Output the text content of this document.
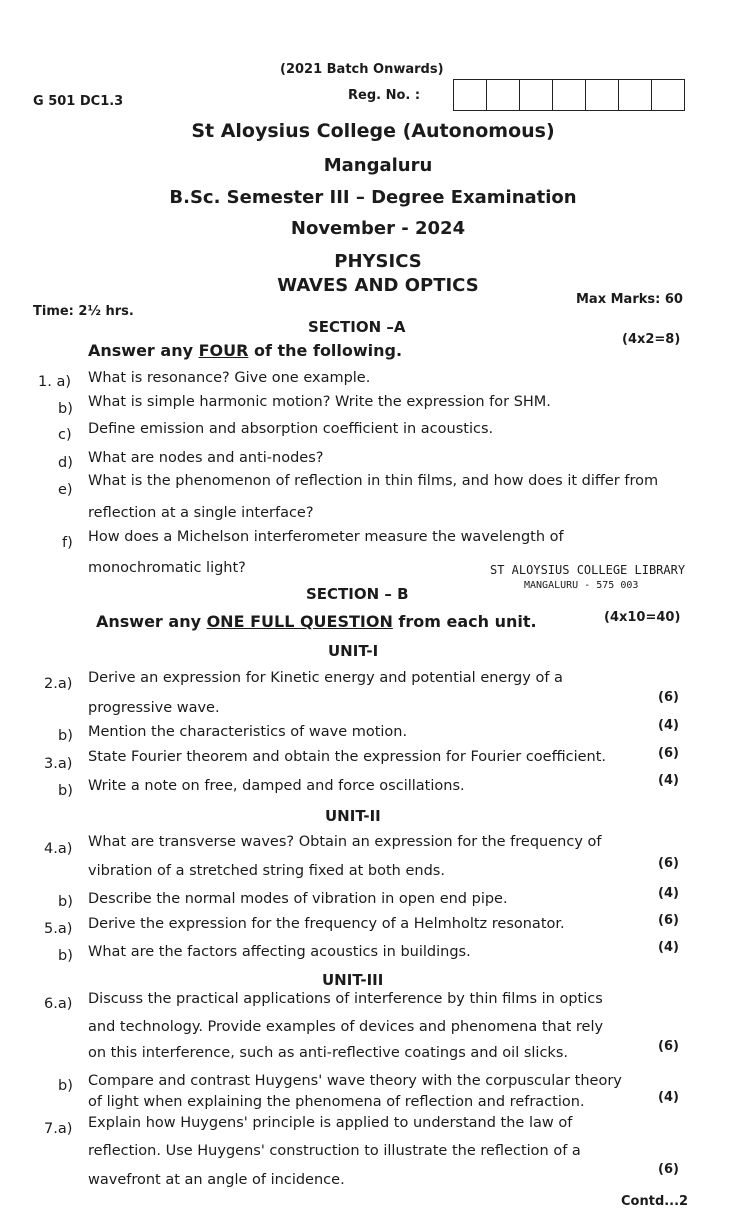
(2021 Batch Onwards)
G 501 DC1.3	Reg. No. :
St Aloysius College (Autonomous)
Mangaluru
B.Sc. Semester III – Degree Examination
November - 2024
PHYSICS
WAVES AND OPTICS
Time: 2½ hrs.
Max Marks: 60
SECTION –A
Answer any FOUR of the following.
(4x2=8)
1. a) What is resonance? Give one example.
b) What is simple harmonic motion? Write the expression for SHM.
c) Define emission and absorption coefficient in acoustics.
d) What are nodes and anti-nodes?
e)
What is the phenomenon of reflection in thin films, and how does it differ from
reflection at a single interface?
f) How does a Michelson interferometer measure the wavelength of
monochromatic light?	ST ALOYSIUS COLLEGE LIBRARY
MANGALURU - 575 003
SECTION – B
Answer any ONE FULL QUESTION from each unit.	(4x10=40)
UNIT-I
2.a) Derive an expression for Kinetic energy and potential energy of a
progressive wave.
(6)
b) Mention the characteristics of wave motion.	(4)
3.a) State Fourier theorem and obtain the expression for Fourier coefficient.	(6)
b) Write a note on free, damped and force oscillations.	(4)
UNIT-II
4.a) What are transverse waves? Obtain an expression for the frequency of
vibration of a stretched string fixed at both ends.	(6)
b) Describe the normal modes of vibration in open end pipe.	(4)
5.a) Derive the expression for the frequency of a Helmholtz resonator.	(6)
b) What are the factors affecting acoustics in buildings.	(4)
UNIT-III
6.a) Discuss the practical applications of interference by thin films in optics
and technology. Provide examples of devices and phenomena that rely
on this interference, such as anti-reflective coatings and oil slicks.	(6)
b) Compare and contrast Huygens' wave theory with the corpuscular theory
of light when explaining the phenomena of reflection and refraction.	(4)
7.a) Explain how Huygens' principle is applied to understand the law of
reflection. Use Huygens' construction to illustrate the reflection of a
wavefront at an angle of incidence.
(6)
Contd...2
